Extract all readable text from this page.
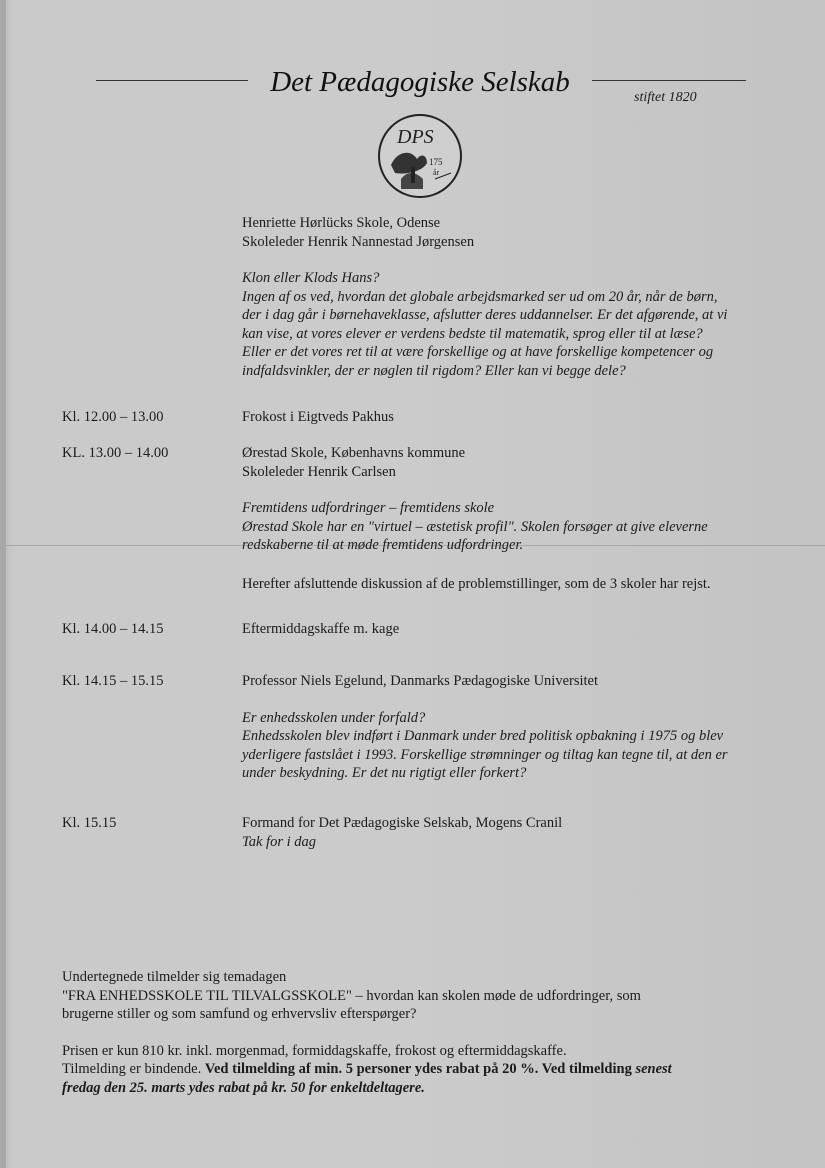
Det Pædagogiske Selskab	stiftet 1820
DPS
175
år
Henriette Hørlücks Skole, Odense
Skoleleder Henrik Nannestad Jørgensen
Klon eller Klods Hans?
Ingen af os ved, hvordan det globale arbejdsmarked ser ud om 20 år, når de børn,
der i dag går i børnehaveklasse, afslutter deres uddannelser. Er det afgørende, at vi
kan vise, at vores elever er verdens bedste til matematik, sprog eller til at læse?
Eller er det vores ret til at være forskellige og at have forskellige kompetencer og
indfaldsvinkler, der er nøglen til rigdom? Eller kan vi begge dele?
Kl. 12.00 – 13.00	Frokost i Eigtveds Pakhus
KL. 13.00 – 14.00	Ørestad Skole, Københavns kommune
Skoleleder Henrik Carlsen
Fremtidens udfordringer – fremtidens skole
Ørestad Skole har en "virtuel – æstetisk profil". Skolen forsøger at give eleverne
redskaberne til at møde fremtidens udfordringer.
Herefter afsluttende diskussion af de problemstillinger, som de 3 skoler har rejst.
Kl. 14.00 – 14.15	Eftermiddagskaffe m. kage
Kl. 14.15 – 15.15	Professor Niels Egelund, Danmarks Pædagogiske Universitet
Er enhedsskolen under forfald?
Enhedsskolen blev indført i Danmark under bred politisk opbakning i 1975 og blev
yderligere fastslået i 1993. Forskellige strømninger og tiltag kan tegne til, at den er
under beskydning. Er det nu rigtigt eller forkert?
Kl. 15.15	Formand for Det Pædagogiske Selskab, Mogens Cranil
Tak for i dag
Undertegnede tilmelder sig temadagen
"FRA ENHEDSSKOLE TIL TILVALGSSKOLE" – hvordan kan skolen møde de udfordringer, som
brugerne stiller og som samfund og erhvervsliv efterspørger?
Prisen er kun 810 kr. inkl. morgenmad, formiddagskaffe, frokost og eftermiddagskaffe.
Tilmelding er bindende. Ved tilmelding af min. 5 personer ydes rabat på 20 %. Ved tilmelding senest
fredag den 25. marts ydes rabat på kr. 50 for enkeltdeltagere.
